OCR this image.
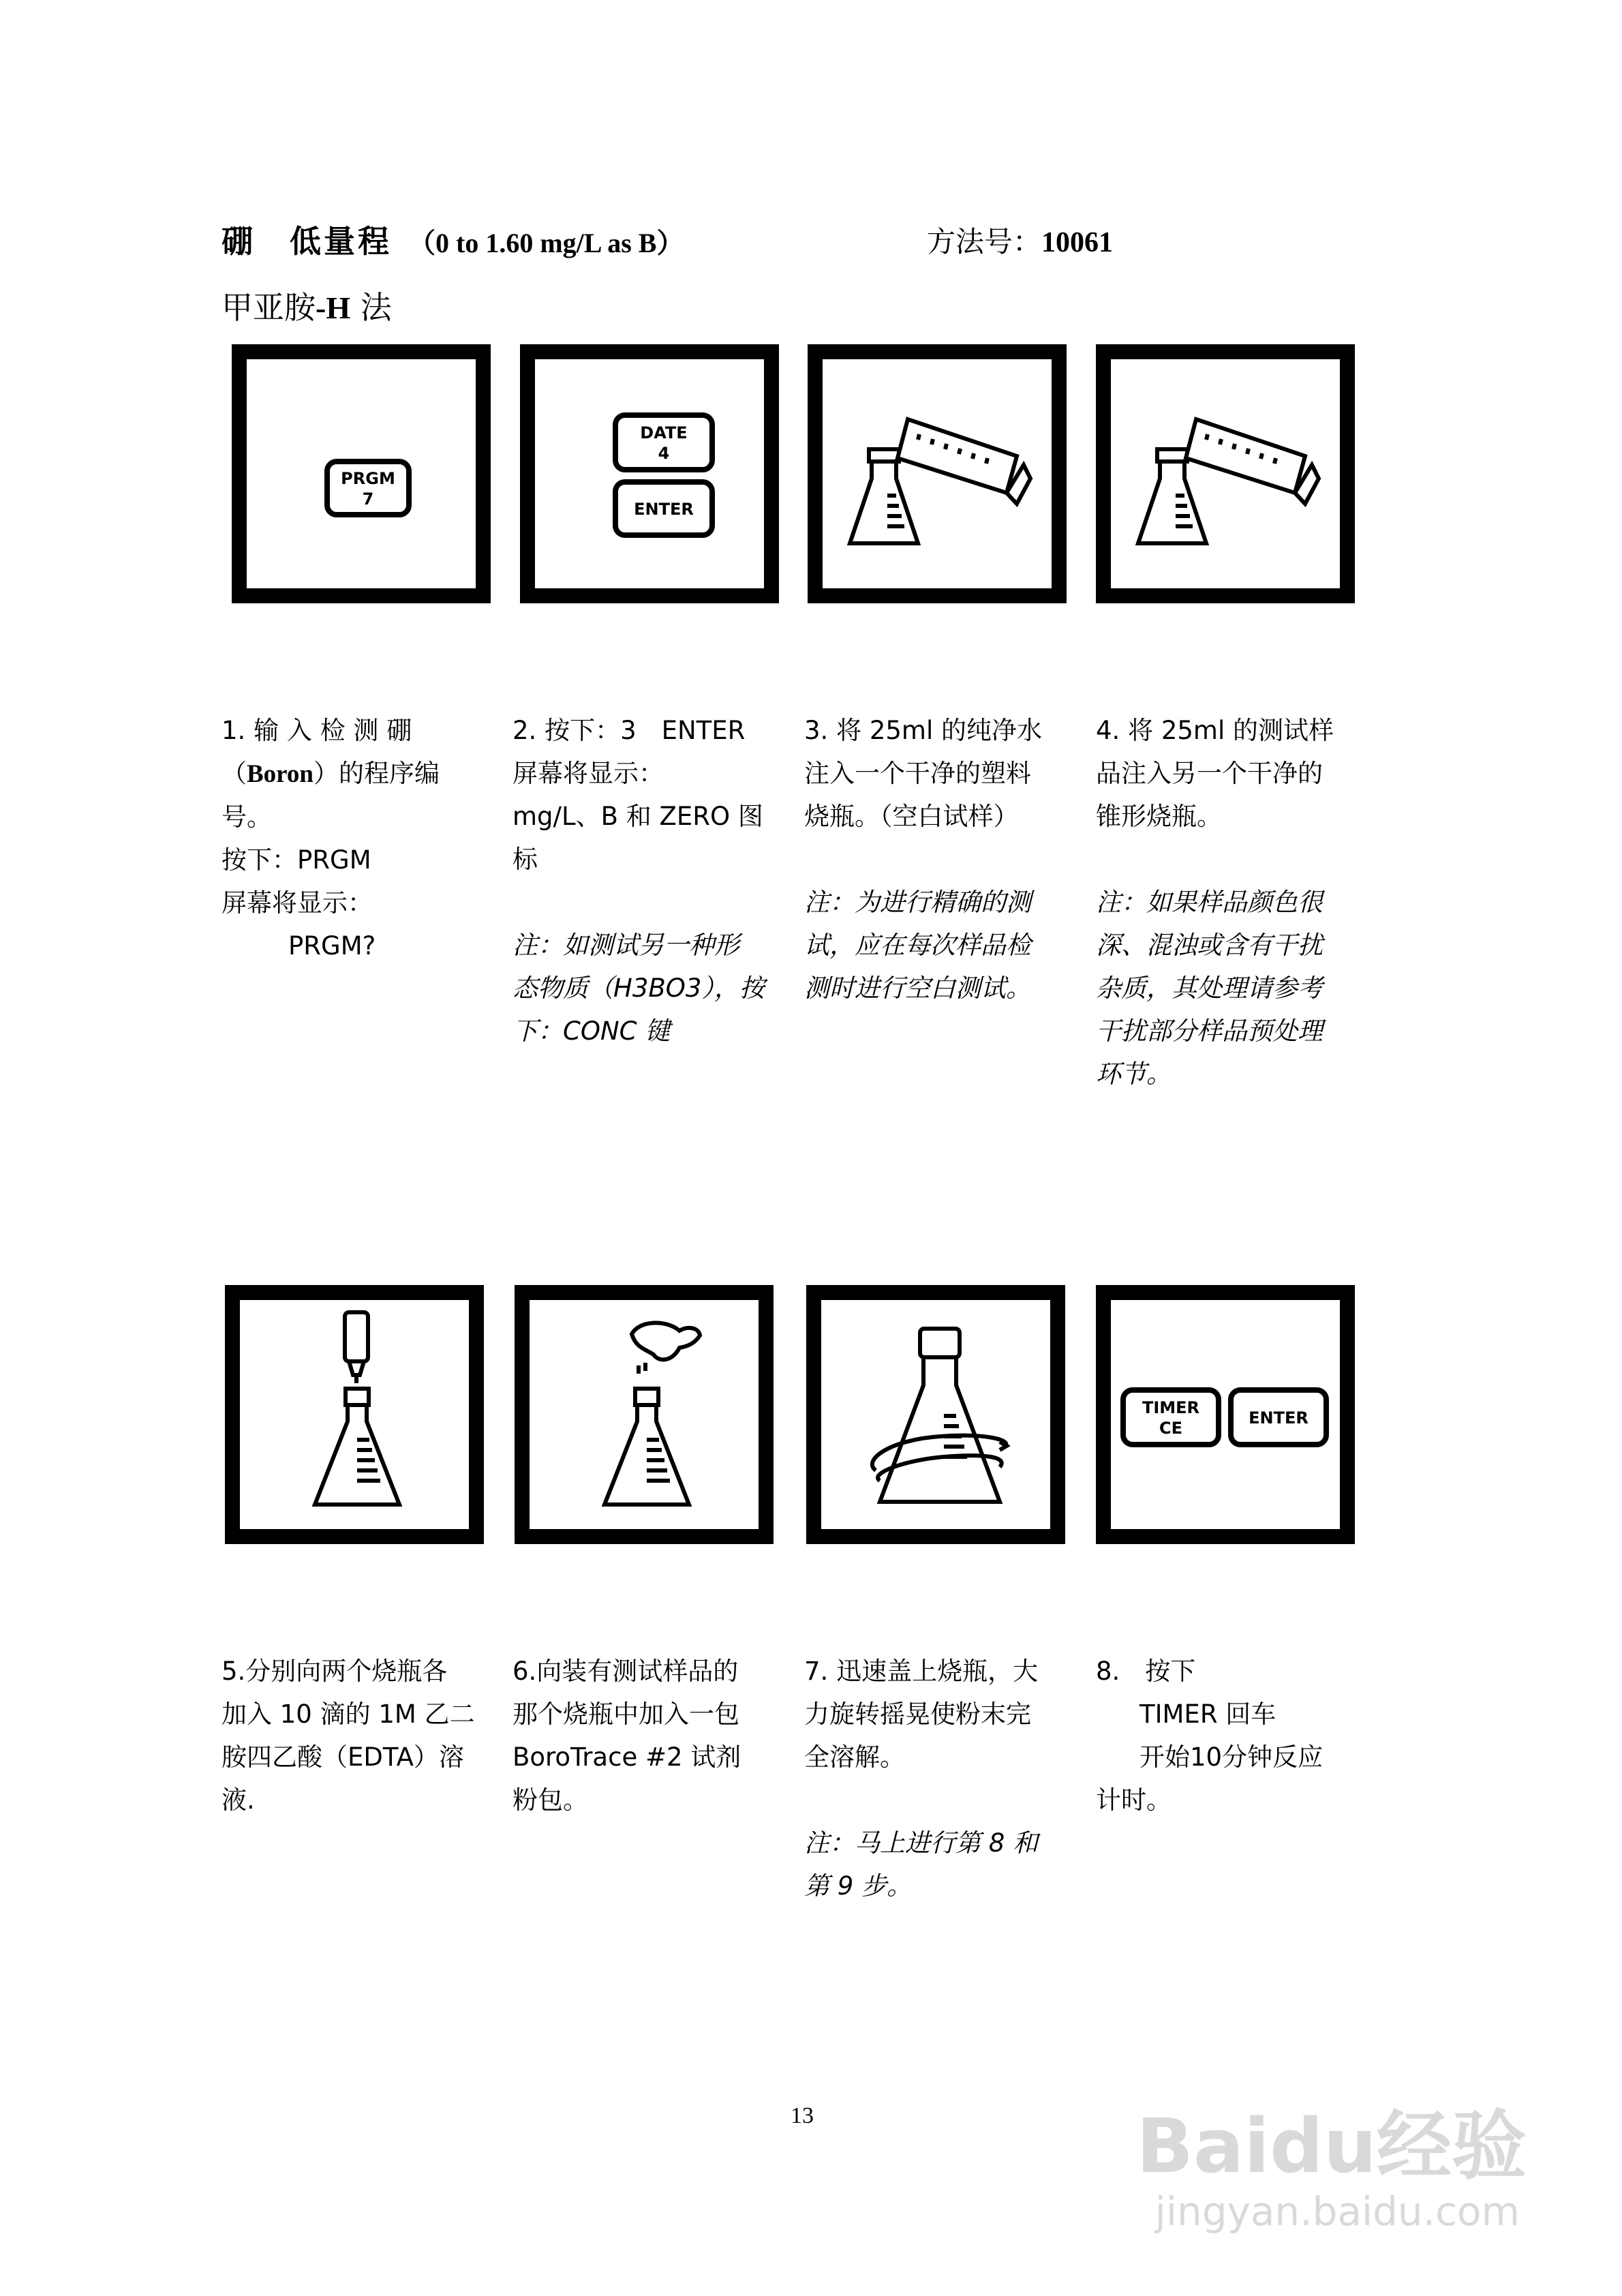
硼　低量程 （0 to 1.60 mg/L as B）	方法号：10061
甲亚胺-H 法
PRGM
7
DATE
4
ENTER

1. 输 入 检 测 硼

（Boron）的程序编

号。

按下：PRGM

屏幕将显示：

PRGM?

2. 按下：3　ENTER

屏幕将显示：

mg/L、B 和 ZERO 图标

注：如测试另一种形

态物质（H3BO3），按

下：CONC 键

3. 将 25ml 的纯净水

注入一个干净的塑料

烧瓶。（空白试样）

注：为进行精确的测

试，应在每次样品检

测时进行空白测试。

4. 将 25ml 的测试样

品注入另一个干净的

锥形烧瓶。

注：如果样品颜色很

深、混浊或含有干扰

杂质，其处理请参考

干扰部分样品预处理

环节。

TIMER
CE
ENTER

5.分别向两个烧瓶各

加入 10 滴的 1M 乙二

胺四乙酸（EDTA）溶

液.

6.向装有测试样品的

那个烧瓶中加入一包

BoroTrace #2 试剂

粉包。

7. 迅速盖上烧瓶，大

力旋转摇晃使粉末完

全溶解。

注：马上进行第 8 和

第 9 步。

8.　按下

TIMER 回车

开始10分钟反应

计时。

13	Baidu经验
jingyan.baidu.com
